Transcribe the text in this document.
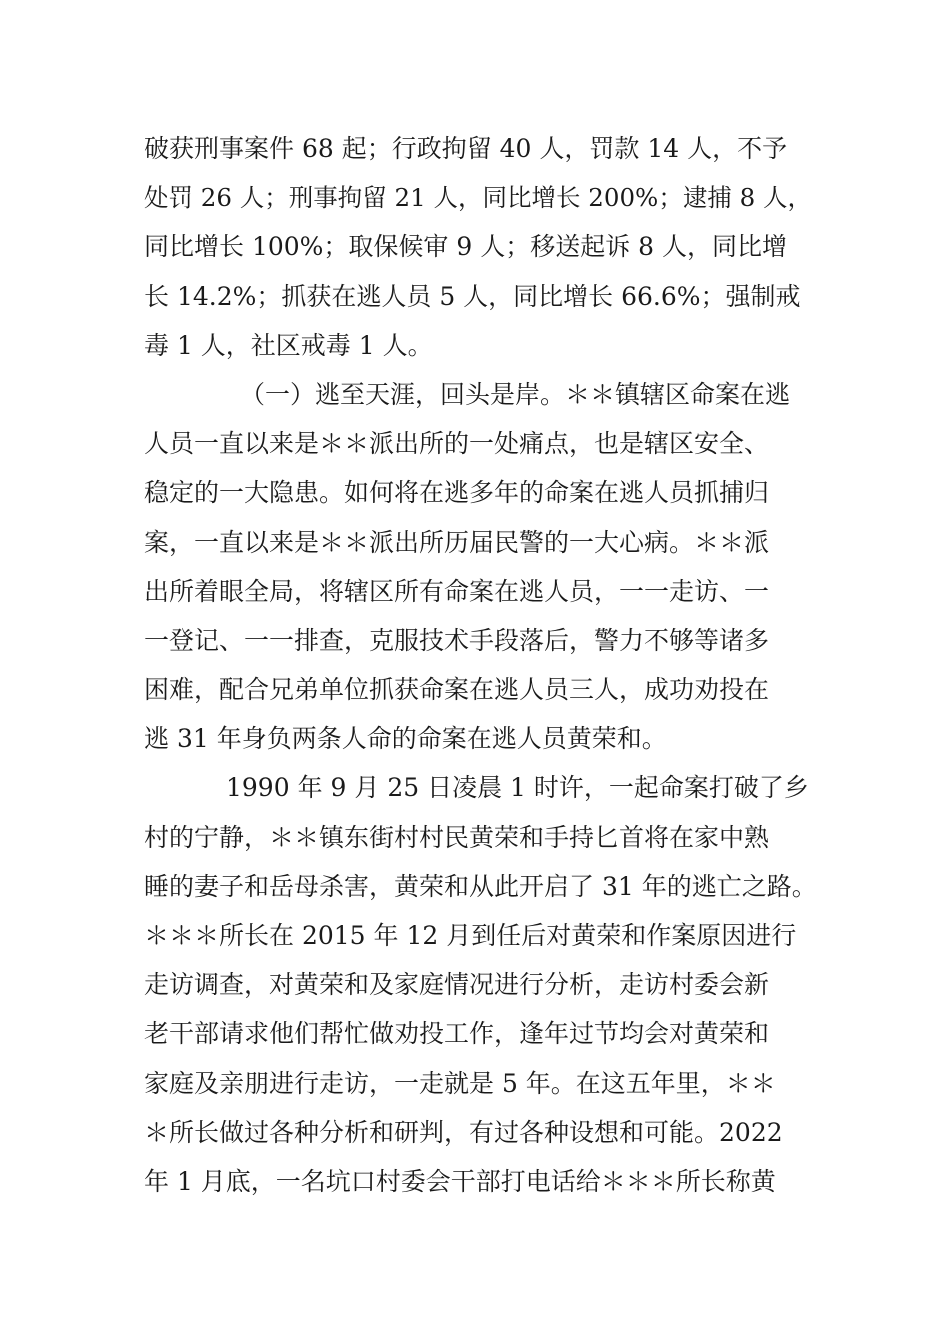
破获刑事案件 68 起；行政拘留 40 人，罚款 14 人，不予
处罚 26 人；刑事拘留 21 人，同比增长 200%；逮捕 8 人，
同比增长 100%；取保候审 9 人；移送起诉 8 人，同比增
长 14.2%；抓获在逃人员 5 人，同比增长 66.6%；强制戒
毒 1 人，社区戒毒 1 人。
（一）逃至天涯，回头是岸。＊＊镇辖区命案在逃
人员一直以来是＊＊派出所的一处痛点，也是辖区安全、
稳定的一大隐患。如何将在逃多年的命案在逃人员抓捕归
案，一直以来是＊＊派出所历届民警的一大心病。＊＊派
出所着眼全局，将辖区所有命案在逃人员，一一走访、一
一登记、一一排查，克服技术手段落后，警力不够等诸多
困难，配合兄弟单位抓获命案在逃人员三人，成功劝投在
逃 31 年身负两条人命的命案在逃人员黄荣和。
1990 年 9 月 25 日凌晨 1 时许，一起命案打破了乡
村的宁静，＊＊镇东街村村民黄荣和手持匕首将在家中熟
睡的妻子和岳母杀害，黄荣和从此开启了 31 年的逃亡之路。
＊＊＊所长在 2015 年 12 月到任后对黄荣和作案原因进行
走访调查，对黄荣和及家庭情况进行分析，走访村委会新
老干部请求他们帮忙做劝投工作，逢年过节均会对黄荣和
家庭及亲朋进行走访，一走就是 5 年。在这五年里，＊＊
＊所长做过各种分析和研判，有过各种设想和可能。2022
年 1 月底，一名坑口村委会干部打电话给＊＊＊所长称黄
